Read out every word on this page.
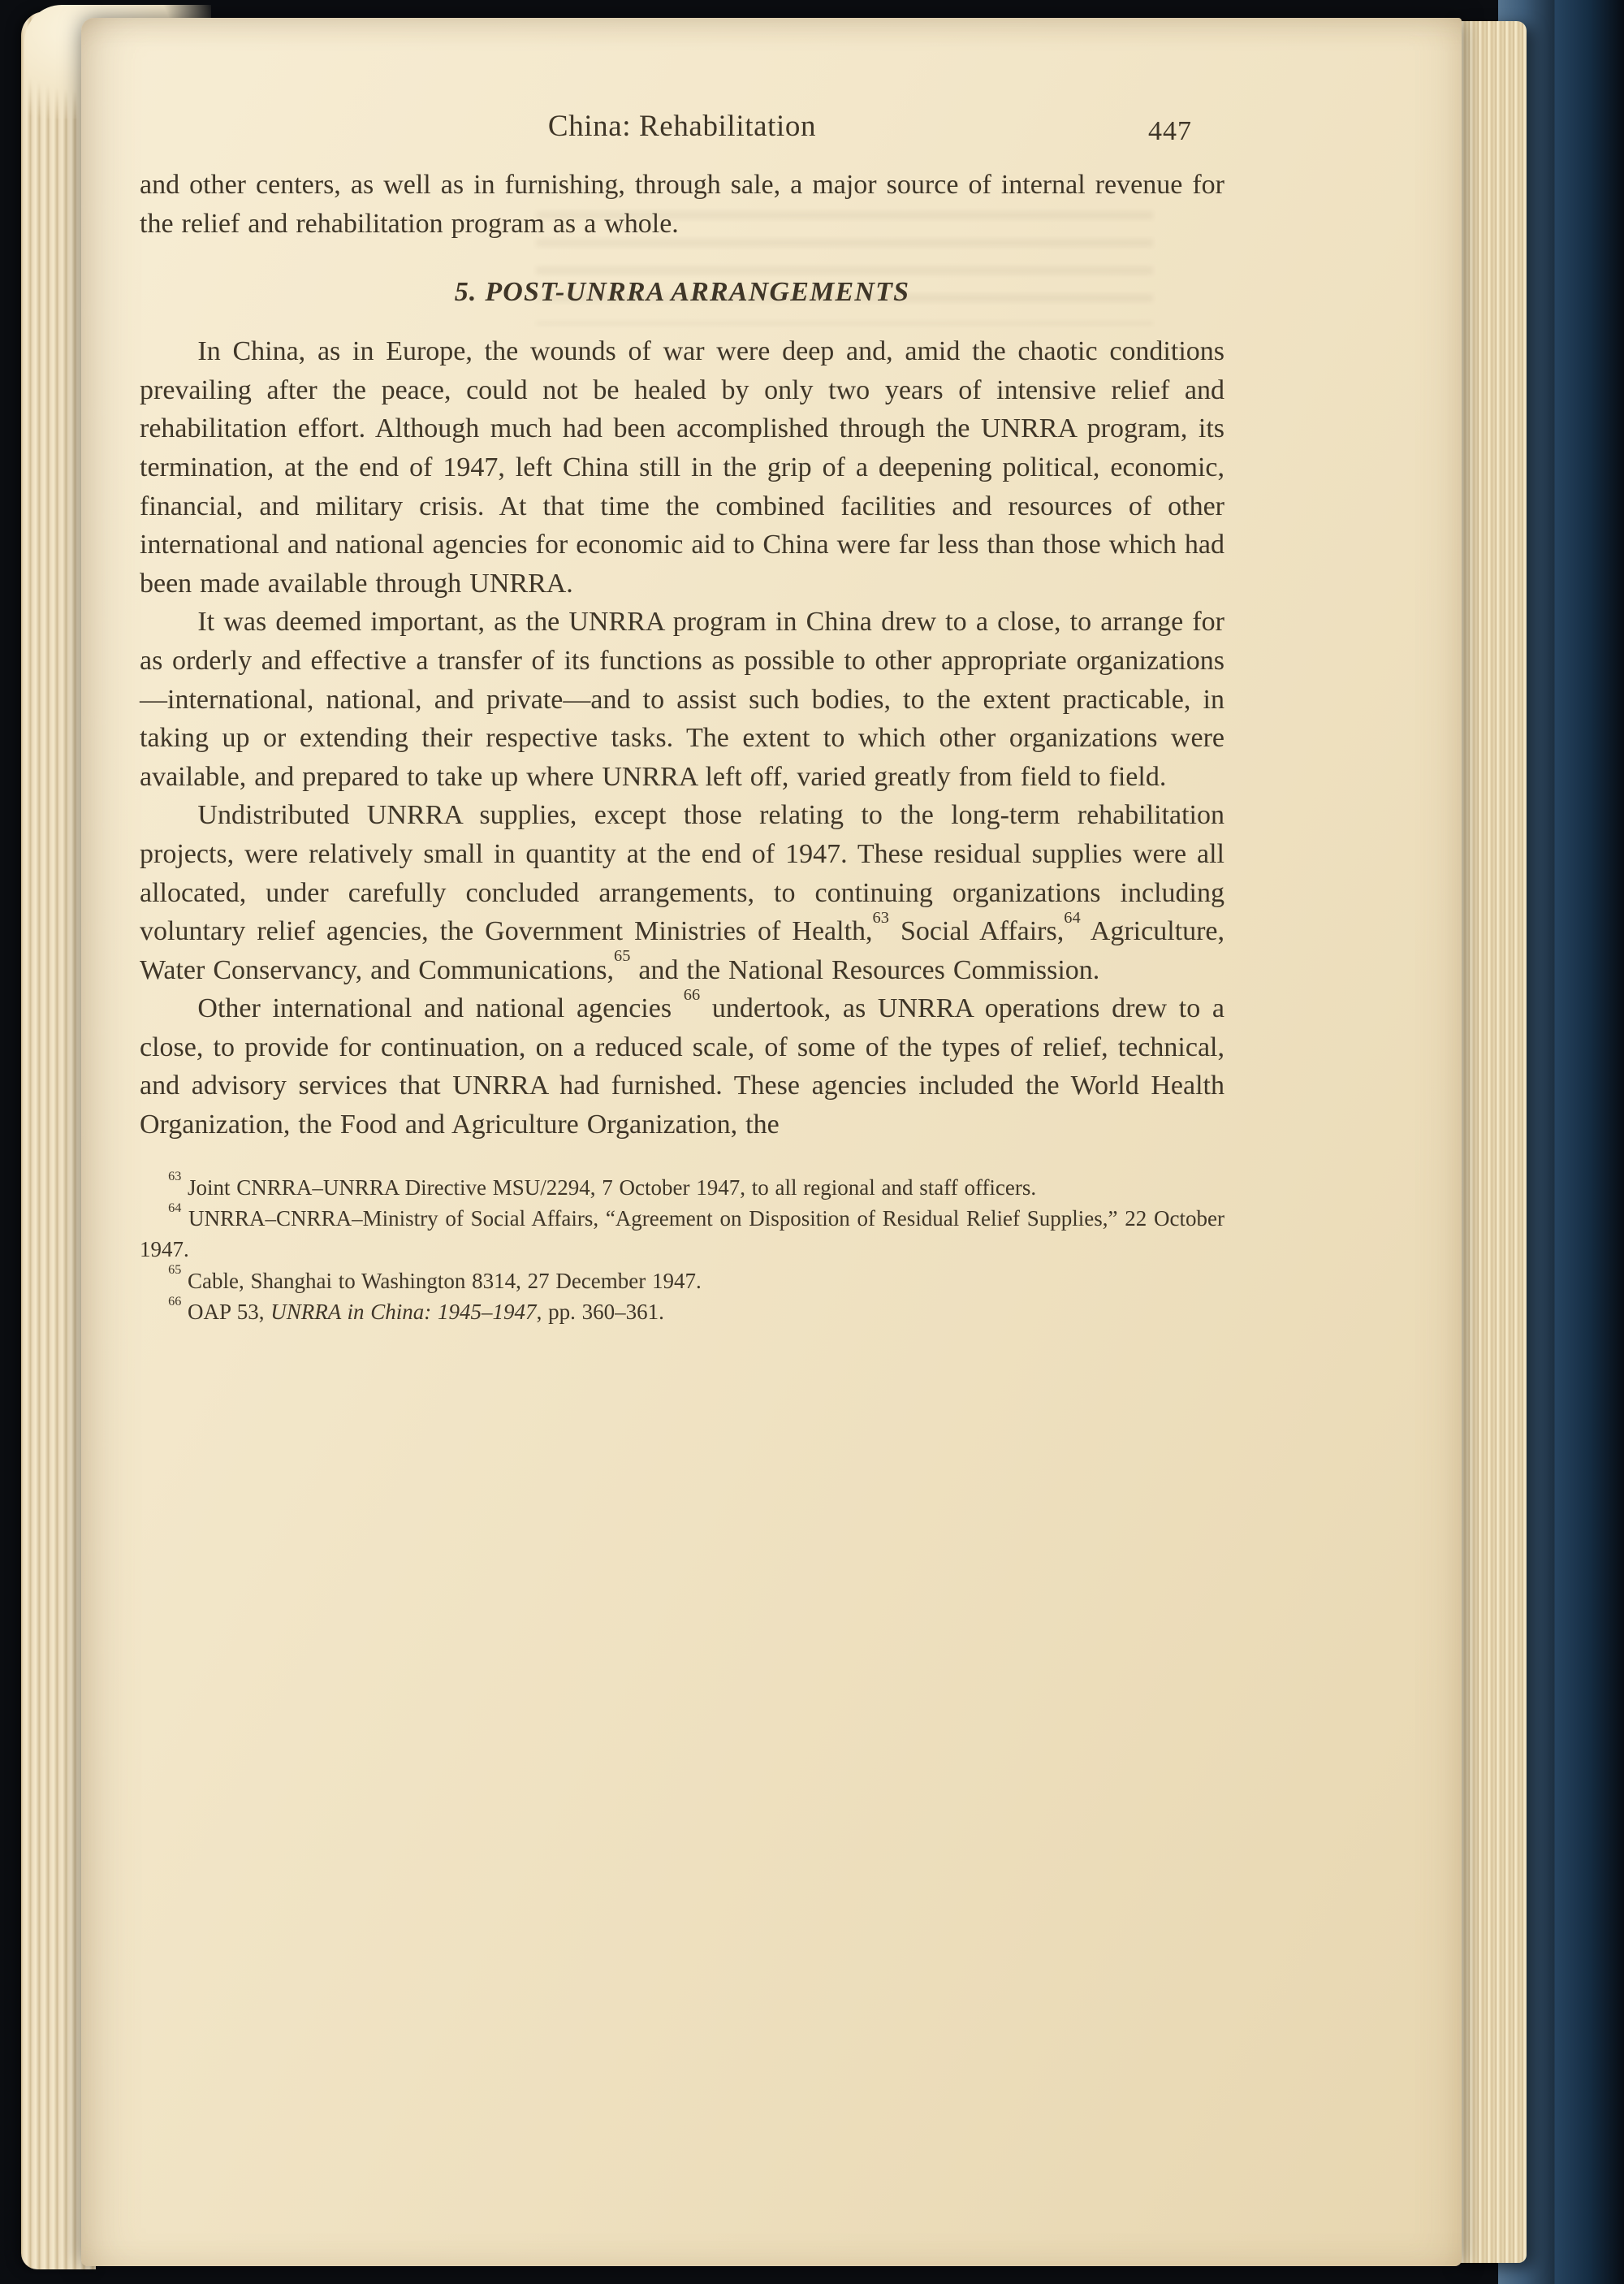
China: Rehabilitation	447

and other centers, as well as in furnishing, through sale, a major source of internal revenue for the relief and rehabilitation program as a whole.

5. POST-UNRRA ARRANGEMENTS

In China, as in Europe, the wounds of war were deep and, amid the chaotic conditions prevailing after the peace, could not be healed by only two years of intensive relief and rehabilitation effort. Although much had been accomplished through the UNRRA program, its termination, at the end of 1947, left China still in the grip of a deepening political, economic, financial, and military crisis. At that time the combined facilities and resources of other international and national agencies for economic aid to China were far less than those which had been made available through UNRRA.

It was deemed important, as the UNRRA program in China drew to a close, to arrange for as orderly and effective a transfer of its functions as possible to other appropriate organizations—international, national, and private—and to assist such bodies, to the extent practicable, in taking up or extending their respective tasks. The extent to which other organizations were available, and prepared to take up where UNRRA left off, varied greatly from field to field.

Undistributed UNRRA supplies, except those relating to the long-term rehabilitation projects, were relatively small in quantity at the end of 1947. These residual supplies were all allocated, under carefully concluded arrangements, to continuing organizations including voluntary relief agencies, the Government Ministries of Health,$^{63}$ Social Affairs,$^{64}$ Agriculture, Water Conservancy, and Communications,$^{65}$ and the National Resources Commission.

Other international and national agencies $^{66}$ undertook, as UNRRA operations drew to a close, to provide for continuation, on a reduced scale, of some of the types of relief, technical, and advisory services that UNRRA had furnished. These agencies included the World Health Organization, the Food and Agriculture Organization, the

$^{63}$ Joint CNRRA–UNRRA Directive MSU/2294, 7 October 1947, to all regional and staff officers.

$^{64}$ UNRRA–CNRRA–Ministry of Social Affairs, “Agreement on Disposition of Residual Relief Supplies,” 22 October 1947.

$^{65}$ Cable, Shanghai to Washington 8314, 27 December 1947.

$^{66}$ OAP 53, UNRRA in China: 1945–1947, pp. 360–361.
